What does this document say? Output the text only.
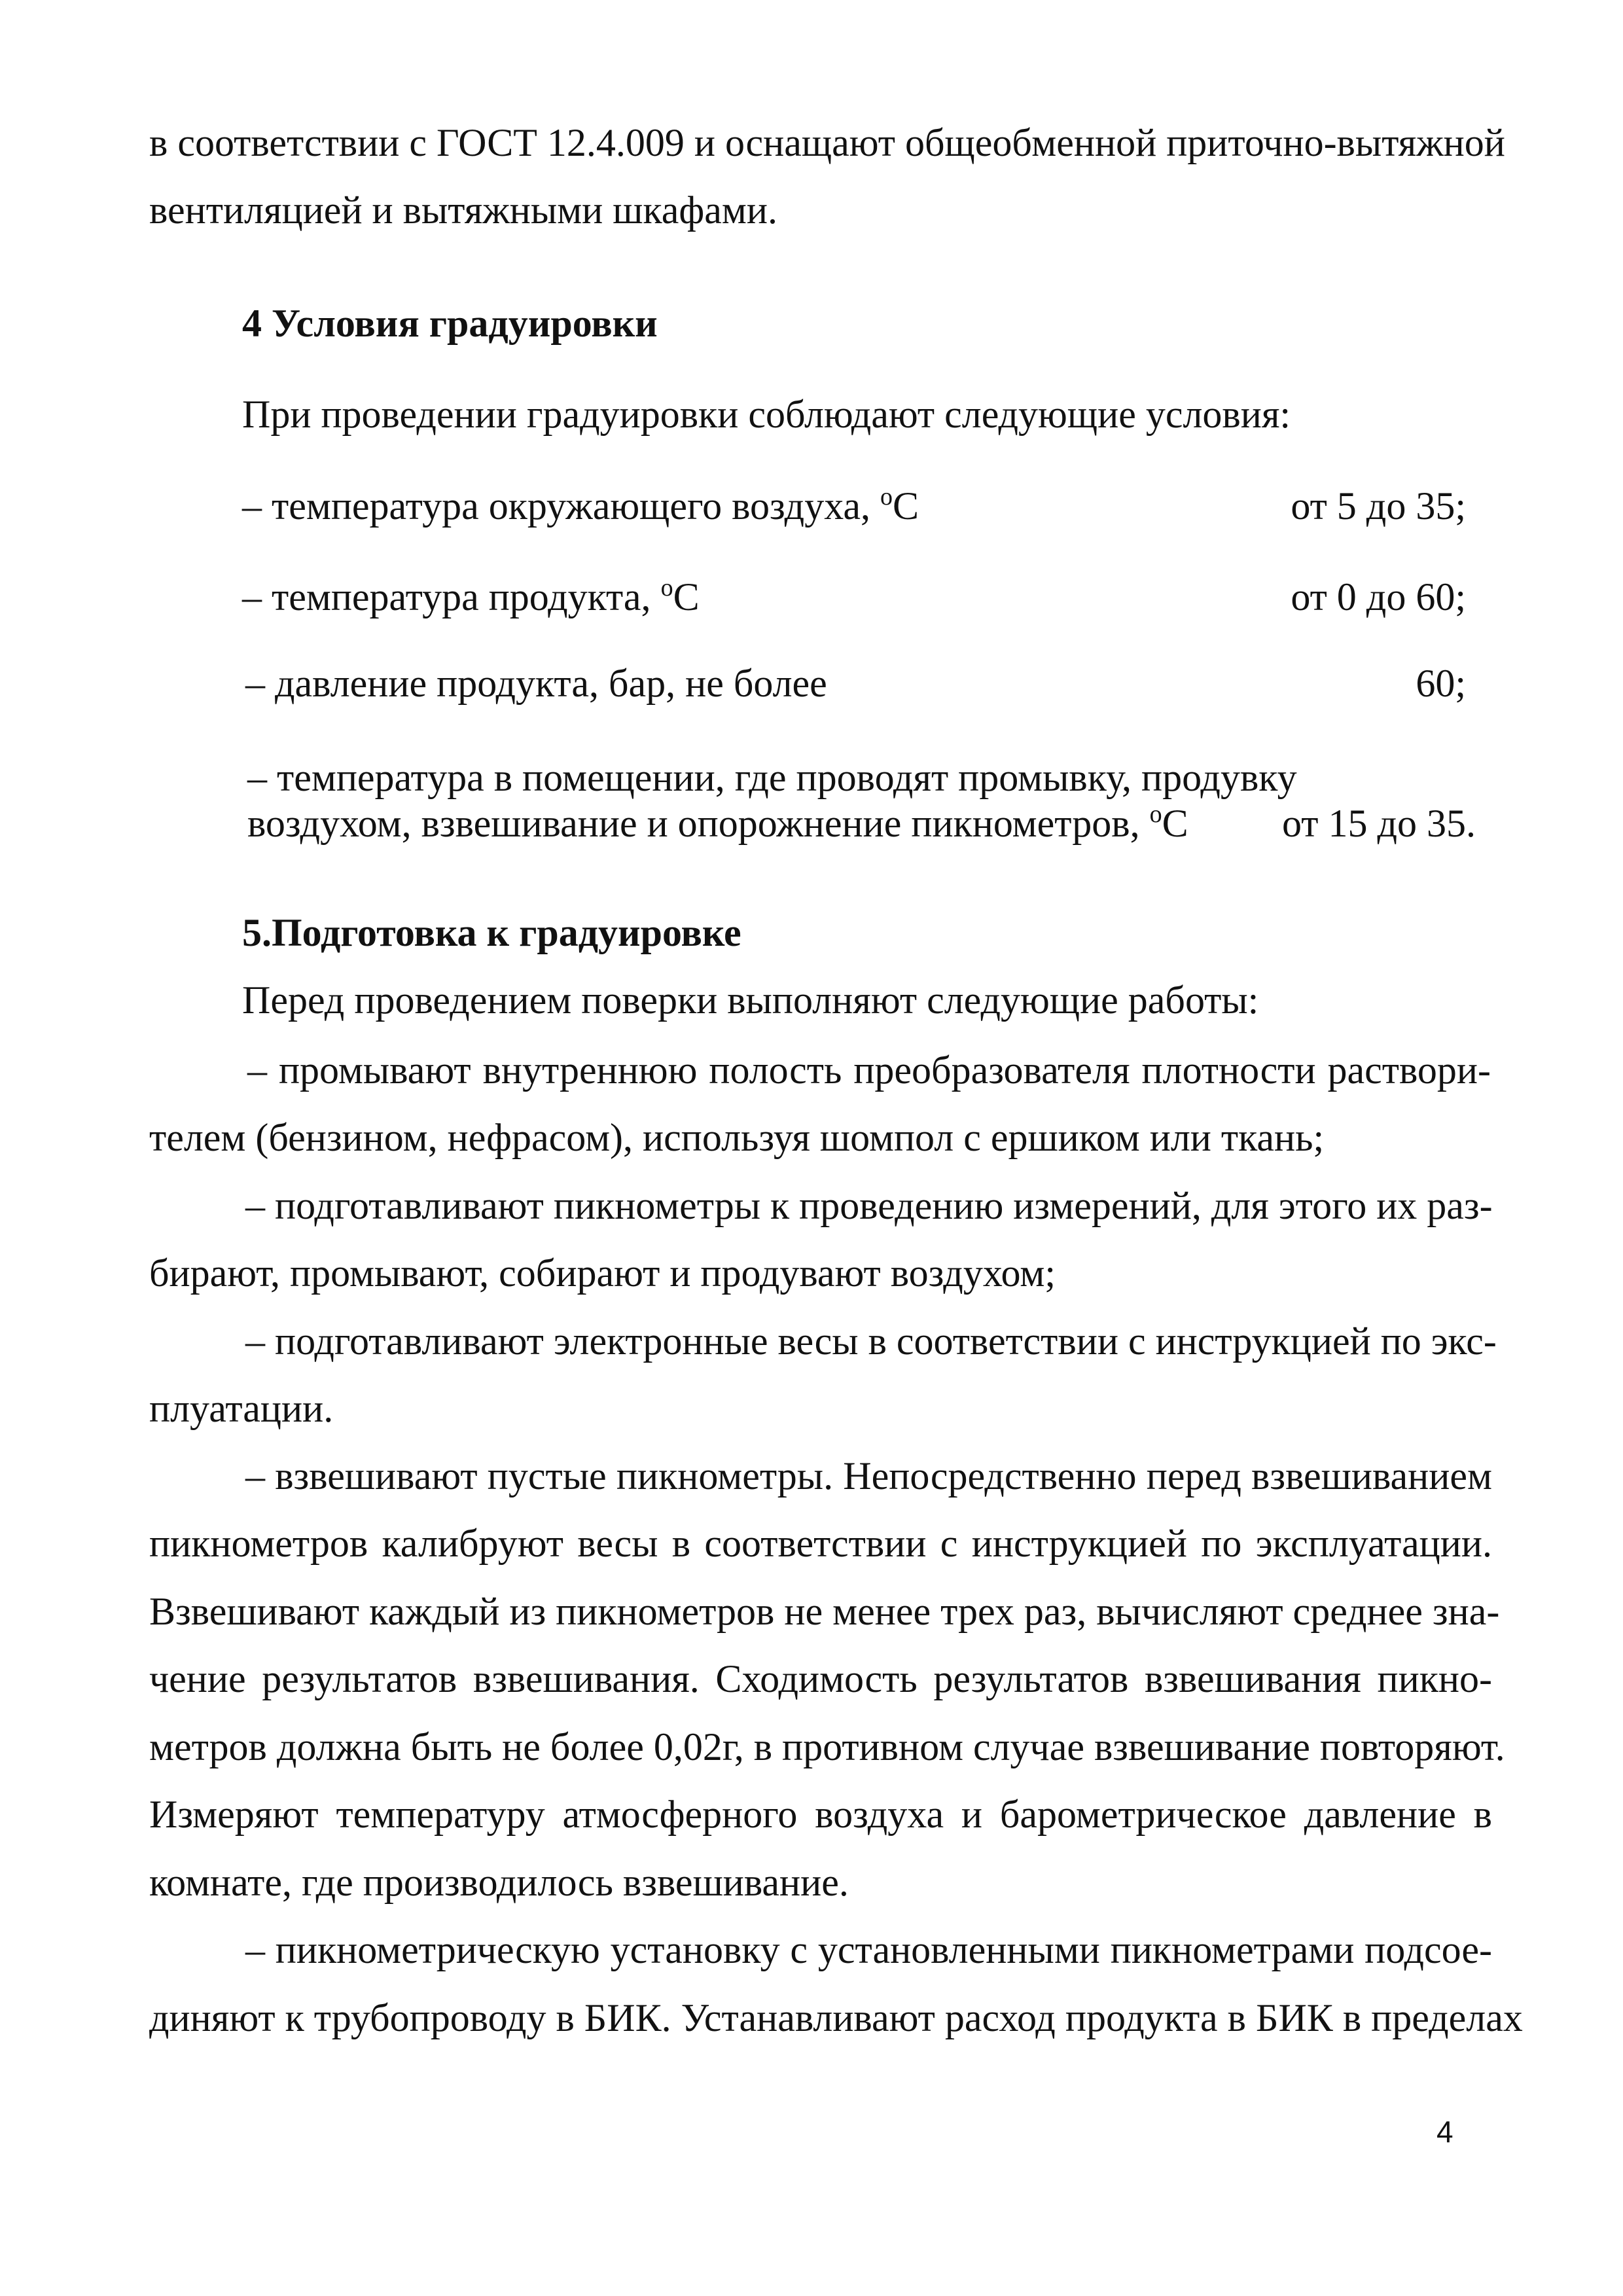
в соответствии с ГОСТ 12.4.009 и оснащают общеобменной приточно-вытяжной
вентиляцией и вытяжными шкафами.
4 Условия градуировки
При проведении градуировки соблюдают следующие условия:
– температура окружающего воздуха, $^o$С	от 5 до 35;
– температура продукта, $^o$С	от 0 до 60;
– давление продукта, бар, не более	60;
– температура в помещении, где проводят промывку, продувку
воздухом, взвешивание и опорожнение пикнометров, $^o$С от 15 до 35.
5.Подготовка к градуировке
Перед проведением поверки выполняют следующие работы:
– промывают внутреннюю полость преобразователя плотности раствори-
телем (бензином, нефрасом), используя шомпол с ершиком или ткань;
– подготавливают пикнометры к проведению измерений, для этого их раз-
бирают, промывают, собирают и продувают воздухом;
– подготавливают электронные весы в соответствии с инструкцией по экс-
плуатации.
– взвешивают пустые пикнометры. Непосредственно перед взвешиванием
пикнометров калибруют весы в соответствии с инструкцией по эксплуатации.
Взвешивают каждый из пикнометров не менее трех раз, вычисляют среднее зна-
чение результатов взвешивания. Сходимость результатов взвешивания пикно-
метров должна быть не более 0,02г, в противном случае взвешивание повторяют.
Измеряют температуру атмосферного воздуха и барометрическое давление в
комнате, где производилось взвешивание.
– пикнометрическую установку с установленными пикнометрами подсое-
диняют к трубопроводу в БИК. Устанавливают расход продукта в БИК в пределах
4
